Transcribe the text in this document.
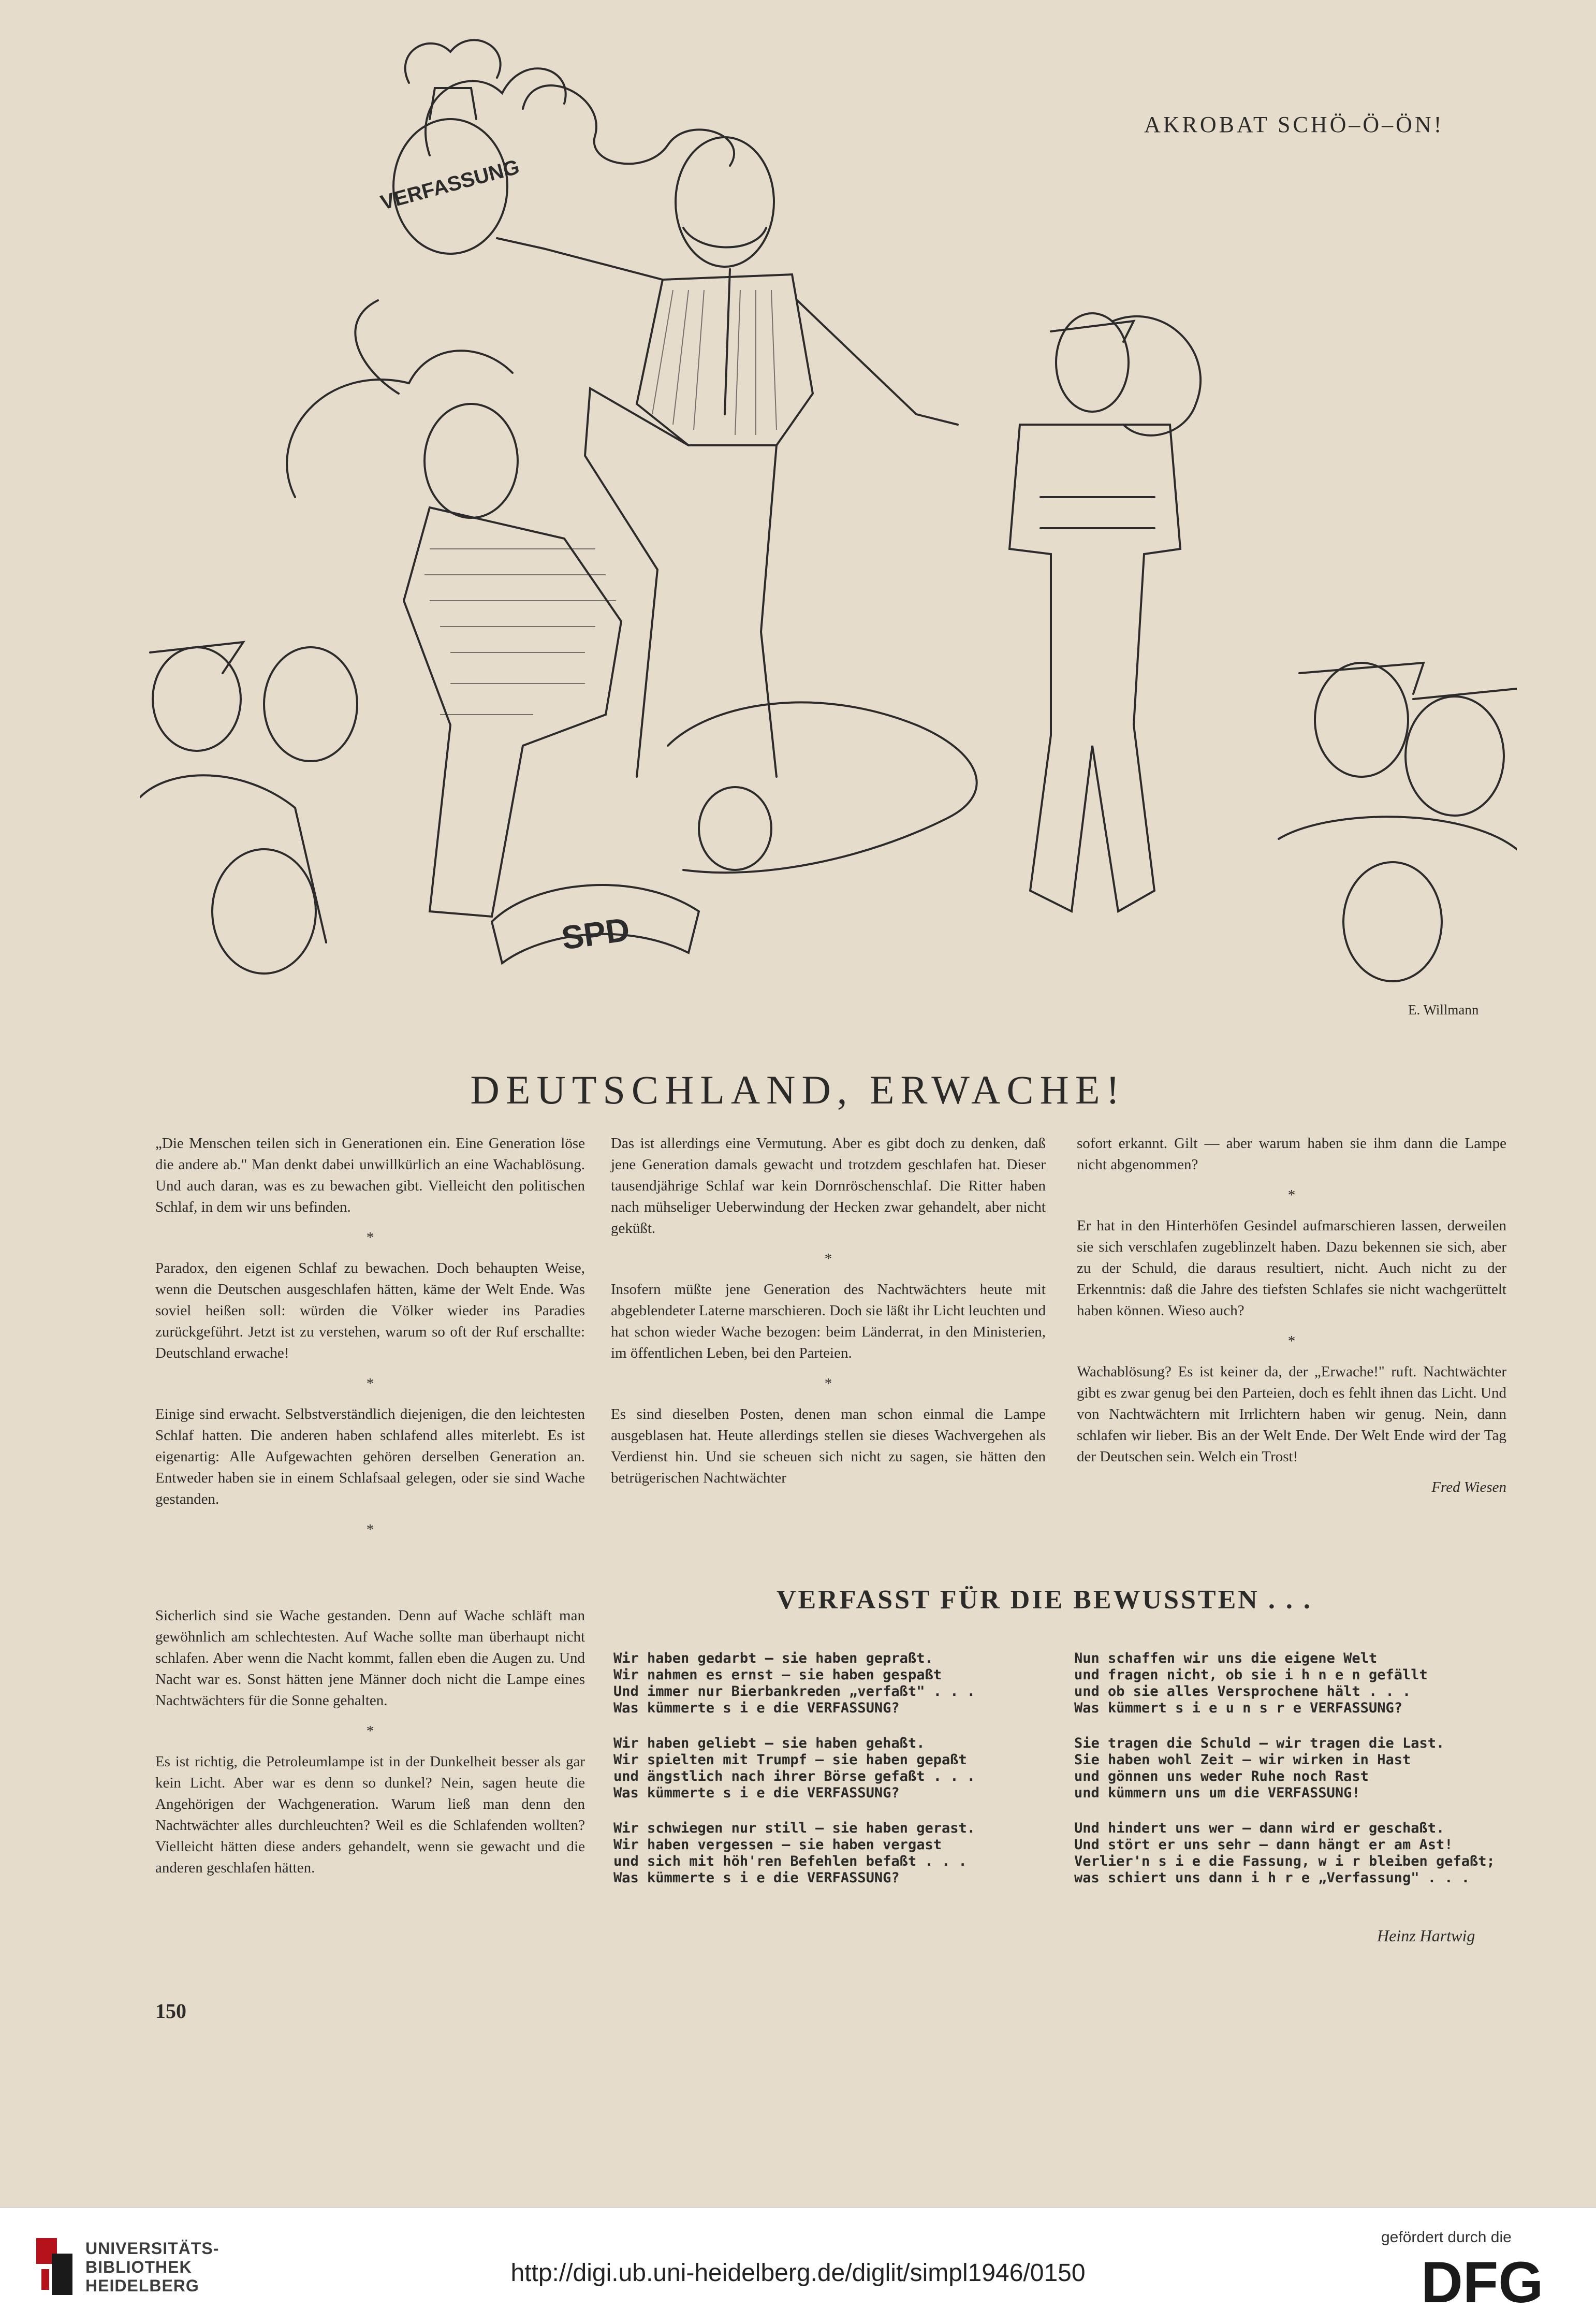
VERFASSUNG
SPD
AKROBAT SCHÖ–Ö–ÖN!
E. Willmann
DEUTSCHLAND, ERWACHE!

„Die Menschen teilen sich in Generationen ein. Eine Generation löse die andere ab." Man denkt dabei unwillkürlich an eine Wachablösung. Und auch daran, was es zu bewachen gibt. Vielleicht den politischen Schlaf, in dem wir uns befinden.

*

Paradox, den eigenen Schlaf zu bewachen. Doch behaupten Weise, wenn die Deutschen ausgeschlafen hätten, käme der Welt Ende. Was soviel heißen soll: würden die Völker wieder ins Paradies zurückgeführt. Jetzt ist zu verstehen, warum so oft der Ruf erschallte: Deutschland erwache!

*

Einige sind erwacht. Selbstverständlich diejenigen, die den leichtesten Schlaf hatten. Die anderen haben schlafend alles miterlebt. Es ist eigenartig: Alle Aufgewachten gehören derselben Generation an. Entweder haben sie in einem Schlafsaal gelegen, oder sie sind Wache gestanden.

*

Das ist allerdings eine Vermutung. Aber es gibt doch zu denken, daß jene Generation damals gewacht und trotzdem geschlafen hat. Dieser tausendjährige Schlaf war kein Dornröschenschlaf. Die Ritter haben nach mühseliger Ueberwindung der Hecken zwar gehandelt, aber nicht geküßt.

*

Insofern müßte jene Generation des Nachtwächters heute mit abgeblendeter Laterne marschieren. Doch sie läßt ihr Licht leuchten und hat schon wieder Wache bezogen: beim Länderrat, in den Ministerien, im öffentlichen Leben, bei den Parteien.

*

Es sind dieselben Posten, denen man schon einmal die Lampe ausgeblasen hat. Heute allerdings stellen sie dieses Wachvergehen als Verdienst hin. Und sie scheuen sich nicht zu sagen, sie hätten den betrügerischen Nachtwächter

sofort erkannt. Gilt — aber warum haben sie ihm dann die Lampe nicht abgenommen?

*

Er hat in den Hinterhöfen Gesindel aufmarschieren lassen, derweilen sie sich verschlafen zugeblinzelt haben. Dazu bekennen sie sich, aber zu der Schuld, die daraus resultiert, nicht. Auch nicht zu der Erkenntnis: daß die Jahre des tiefsten Schlafes sie nicht wachgerüttelt haben können. Wieso auch?

*

Wachablösung? Es ist keiner da, der „Erwache!" ruft. Nachtwächter gibt es zwar genug bei den Parteien, doch es fehlt ihnen das Licht. Und von Nachtwächtern mit Irrlichtern haben wir genug. Nein, dann schlafen wir lieber. Bis an der Welt Ende. Der Welt Ende wird der Tag der Deutschen sein. Welch ein Trost!

Fred Wiesen

Sicherlich sind sie Wache gestanden. Denn auf Wache schläft man gewöhnlich am schlechtesten. Auf Wache sollte man überhaupt nicht schlafen. Aber wenn die Nacht kommt, fallen eben die Augen zu. Und Nacht war es. Sonst hätten jene Männer doch nicht die Lampe eines Nachtwächters für die Sonne gehalten.

*

Es ist richtig, die Petroleumlampe ist in der Dunkelheit besser als gar kein Licht. Aber war es denn so dunkel? Nein, sagen heute die Angehörigen der Wachgeneration. Warum ließ man denn den Nachtwächter alles durchleuchten? Weil es die Schlafenden wollten? Vielleicht hätten diese anders gehandelt, wenn sie gewacht und die anderen geschlafen hätten.

VERFASST FÜR DIE BEWUSSTEN . . .
Wir haben gedarbt — sie haben gepraßt.
Wir nahmen es ernst — sie haben gespaßt
Und immer nur Bierbankreden „verfaßt" . . .
Was kümmerte s i e die VERFASSUNG?
Wir haben geliebt — sie haben gehaßt.
Wir spielten mit Trumpf — sie haben gepaßt
und ängstlich nach ihrer Börse gefaßt . . .
Was kümmerte s i e die VERFASSUNG?
Wir schwiegen nur still — sie haben gerast.
Wir haben vergessen — sie haben vergast
und sich mit höh'ren Befehlen befaßt . . .
Was kümmerte s i e die VERFASSUNG?
Nun schaffen wir uns die eigene Welt
und fragen nicht, ob sie i h n e n gefällt
und ob sie alles Versprochene hält . . .
Was kümmert s i e u n s r e VERFASSUNG?
Sie tragen die Schuld — wir tragen die Last.
Sie haben wohl Zeit — wir wirken in Hast
und gönnen uns weder Ruhe noch Rast
und kümmern uns um die VERFASSUNG!
Und hindert uns wer — dann wird er geschaßt.
Und stört er uns sehr — dann hängt er am Ast!
Verlier'n s i e die Fassung, w i r bleiben gefaßt;
was schiert uns dann i h r e „Verfassung" . . .
Heinz Hartwig
150
UNIVERSITÄTS-
BIBLIOTHEK
HEIDELBERG	http://digi.ub.uni-heidelberg.de/diglit/simpl1946/0150
gefördert durch die
DFG
